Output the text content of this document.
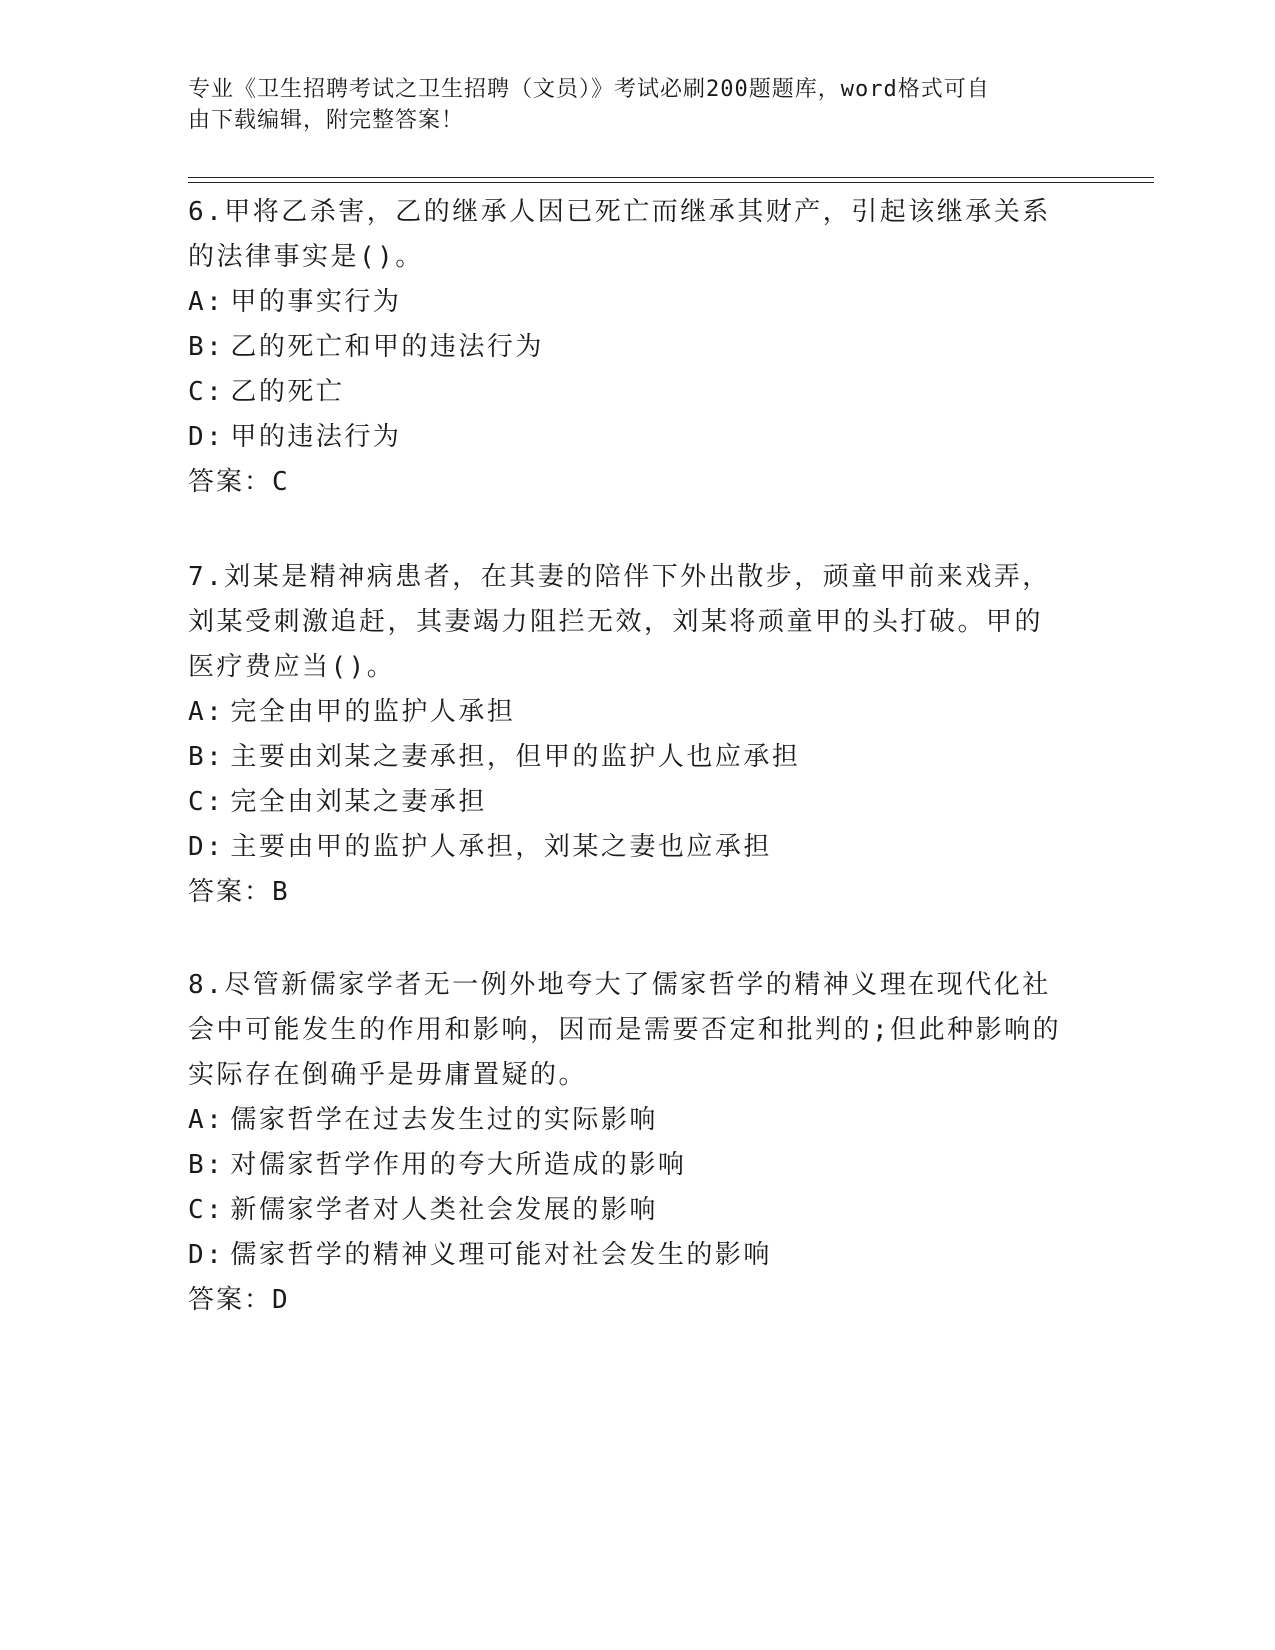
专业《卫生招聘考试之卫生招聘（文员）》考试必刷200题题库，word格式可自
由下载编辑，附完整答案！

6.甲将乙杀害，乙的继承人因已死亡而继承其财产，引起该继承关系

的法律事实是()。

A: 甲的事实行为

B: 乙的死亡和甲的违法行为

C: 乙的死亡

D: 甲的违法行为

答案：C

7.刘某是精神病患者，在其妻的陪伴下外出散步，顽童甲前来戏弄，

刘某受刺激追赶，其妻竭力阻拦无效，刘某将顽童甲的头打破。甲的

医疗费应当()。

A: 完全由甲的监护人承担

B: 主要由刘某之妻承担，但甲的监护人也应承担

C: 完全由刘某之妻承担

D: 主要由甲的监护人承担，刘某之妻也应承担

答案：B

8.尽管新儒家学者无一例外地夸大了儒家哲学的精神义理在现代化社

会中可能发生的作用和影响，因而是需要否定和批判的;但此种影响的

实际存在倒确乎是毋庸置疑的。

A: 儒家哲学在过去发生过的实际影响

B: 对儒家哲学作用的夸大所造成的影响

C: 新儒家学者对人类社会发展的影响

D: 儒家哲学的精神义理可能对社会发生的影响

答案：D
